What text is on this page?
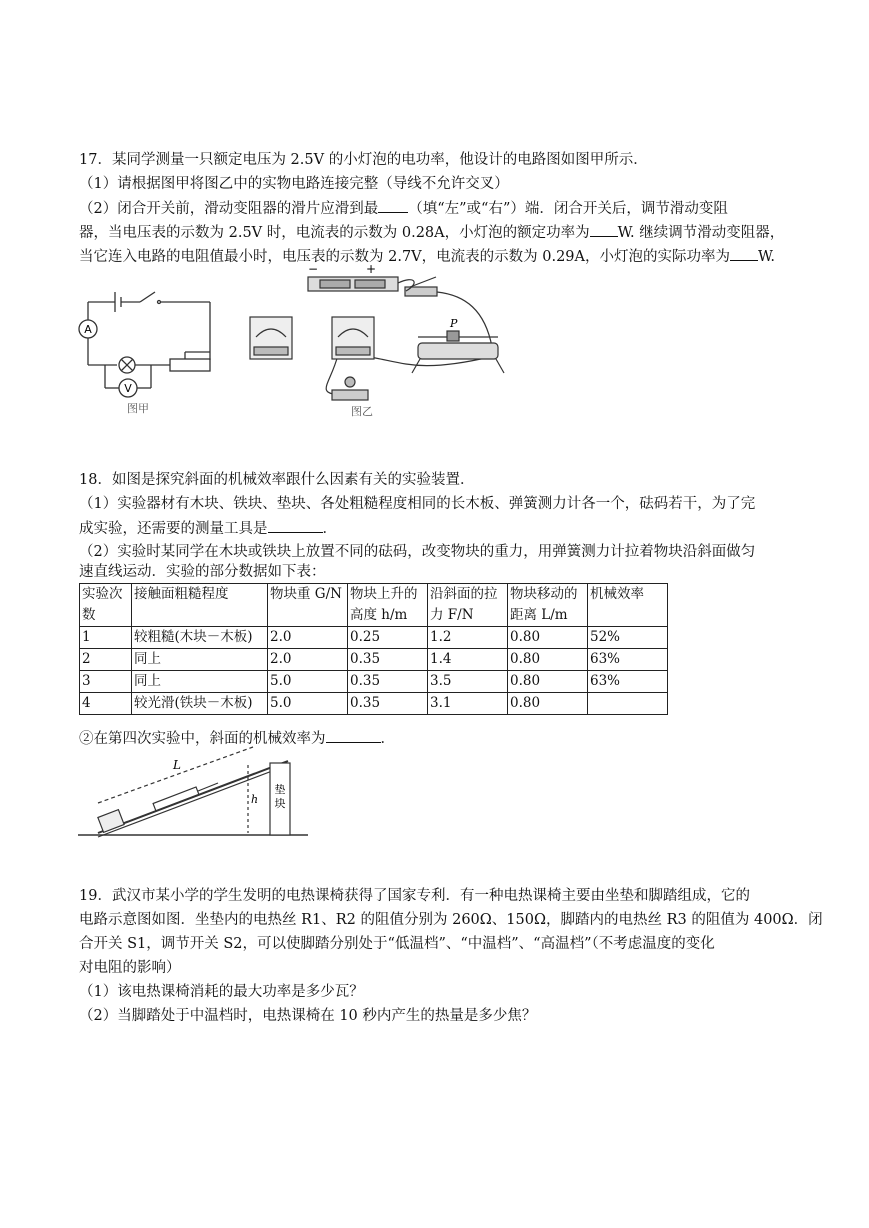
17．某同学测量一只额定电压为 2.5V 的小灯泡的电功率，他设计的电路图如图甲所示．
（1）请根据图甲将图乙中的实物电路连接完整（导线不允许交叉）
（2）闭合开关前，滑动变阻器的滑片应滑到最 （填“左”或“右”）端．闭合开关后，调节滑动变阻
器，当电压表的示数为 2.5V 时，电流表的示数为 0.28A，小灯泡的额定功率为 W. 继续调节滑动变阻器，
当它连入电路的电阻值最小时，电压表的示数为 2.7V，电流表的示数为 0.29A，小灯泡的实际功率为 W.
A
V
图甲
−	+
P
图乙
18．如图是探究斜面的机械效率跟什么因素有关的实验装置．
（1）实验器材有木块、铁块、垫块、各处粗糙程度相同的长木板、弹簧测力计各一个，砝码若干，为了完
成实验，还需要的测量工具是	．
（2）实验时某同学在木块或铁块上放置不同的砝码，改变物块的重力，用弹簧测力计拉着物块沿斜面做匀
速直线运动．实验的部分数据如下表：
实验次
数	接触面粗糙程度	物块重 G/N	物块上升的
高度 h/m	沿斜面的拉
力 F/N	物块移动的
距离 L/m	机械效率

1	较粗糙(木块－木板)	2.0	0.25	1.2	0.80	52%
2	同上	2.0	0.35	1.4	0.80	63%
3	同上	5.0	0.35	3.5	0.80	63%
4	较光滑(铁块－木板)	5.0	0.35	3.1	0.80	
②在第四次实验中，斜面的机械效率为	．
L
h
垫
块
19．武汉市某小学的学生发明的电热课椅获得了国家专利．有一种电热课椅主要由坐垫和脚踏组成，它的
电路示意图如图．坐垫内的电热丝 R1、R2 的阻值分别为 260Ω、150Ω，脚踏内的电热丝 R3 的阻值为 400Ω．闭
合开关 S1，调节开关 S2，可以使脚踏分别处于“低温档”、“中温档”、“高温档”（不考虑温度的变化
对电阻的影响）
（1）该电热课椅消耗的最大功率是多少瓦？
（2）当脚踏处于中温档时，电热课椅在 10 秒内产生的热量是多少焦？
